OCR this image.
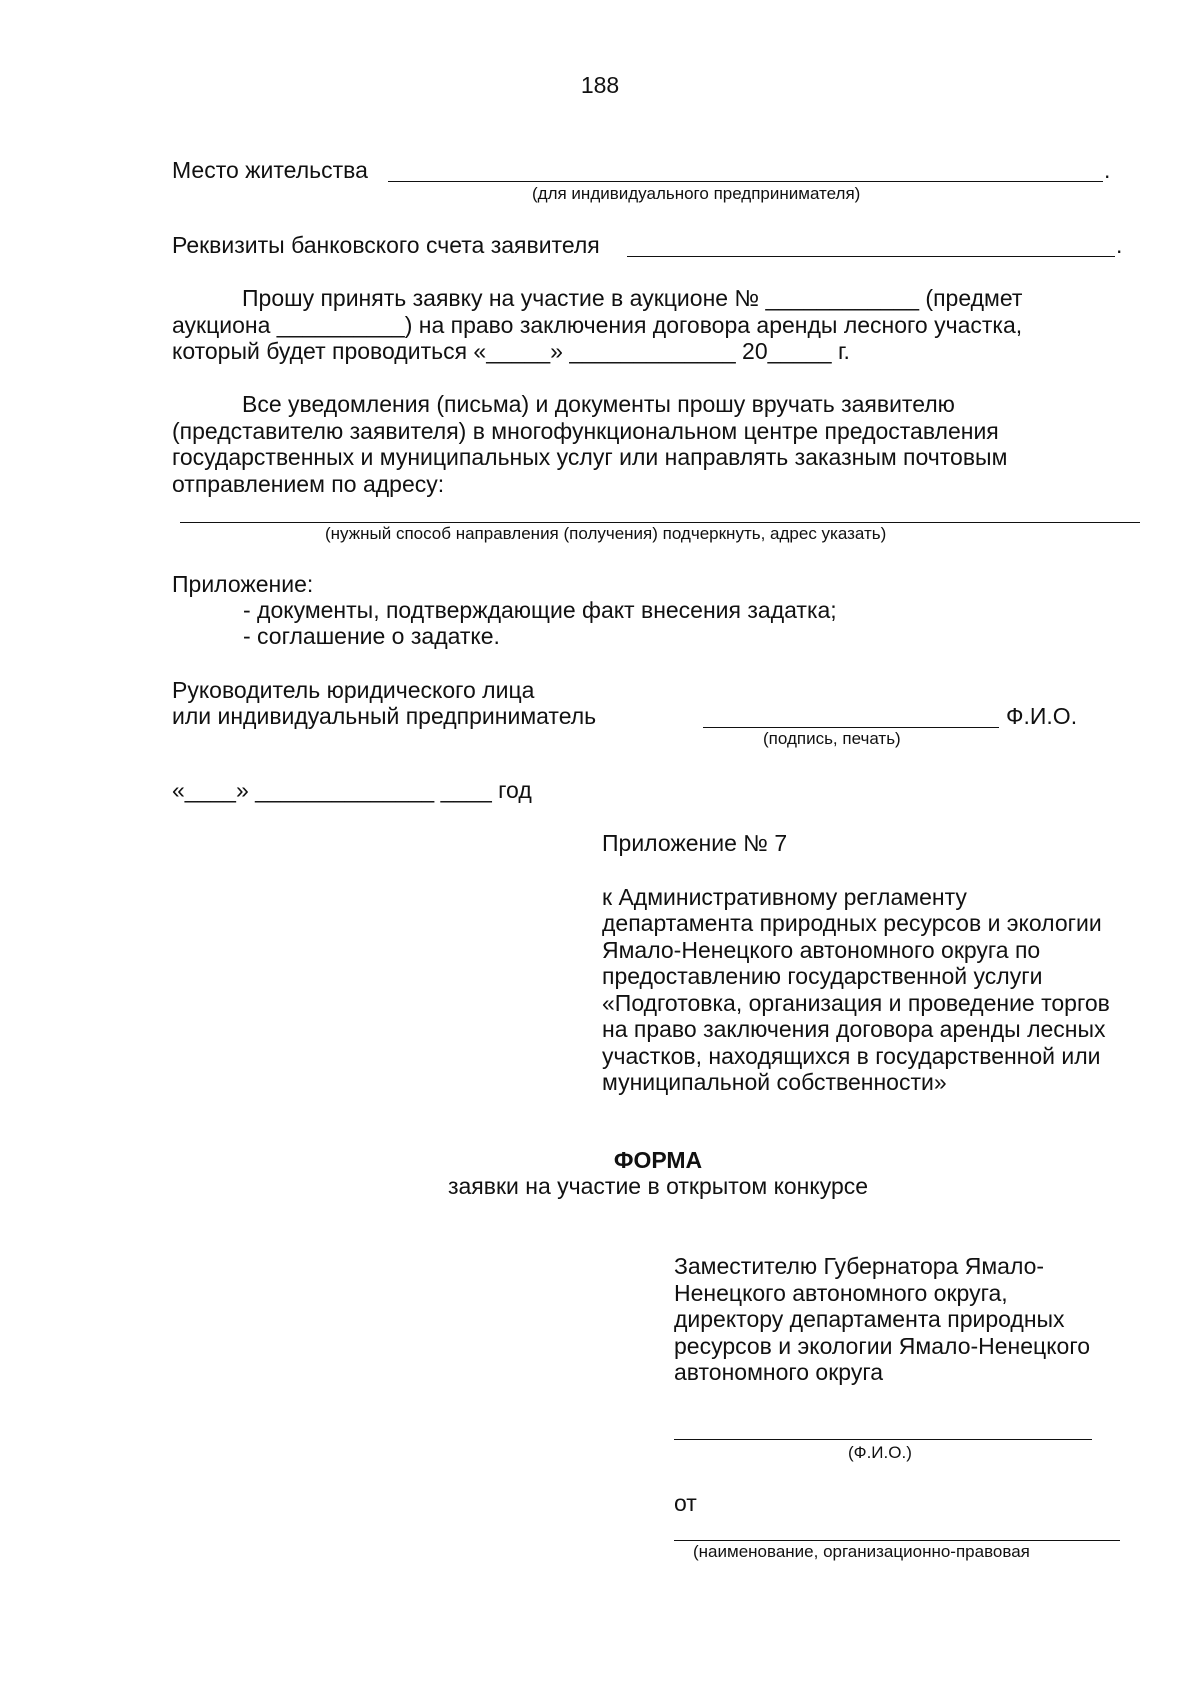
188
Место жительства	.
(для индивидуального предпринимателя)
Реквизиты банковского счета заявителя	.
Прошу принять заявку на участие в аукционе № ____________ (предмет
аукциона __________) на право заключения договора аренды лесного участка,
который будет проводиться «_____» _____________ 20_____ г.
Все уведомления (письма) и документы прошу вручать заявителю
(представителю заявителя) в многофункциональном центре предоставления
государственных и муниципальных услуг или направлять заказным почтовым
отправлением по адресу:
(нужный способ направления (получения) подчеркнуть, адрес указать)
Приложение:
- документы, подтверждающие факт внесения задатка;
- соглашение о задатке.
Руководитель юридического лица
или индивидуальный предприниматель	Ф.И.О.
(подпись, печать)
«____» ______________ ____ год
Приложение № 7
к Административному регламенту
департамента природных ресурсов и экологии
Ямало-Ненецкого автономного округа по
предоставлению государственной услуги
«Подготовка, организация и проведение торгов
на право заключения договора аренды лесных
участков, находящихся в государственной или
муниципальной собственности»
ФОРМА
заявки на участие в открытом конкурсе
Заместителю Губернатора Ямало-
Ненецкого автономного округа,
директору департамента природных
ресурсов и экологии Ямало-Ненецкого
автономного округа
(Ф.И.О.)
от
(наименование, организационно-правовая
